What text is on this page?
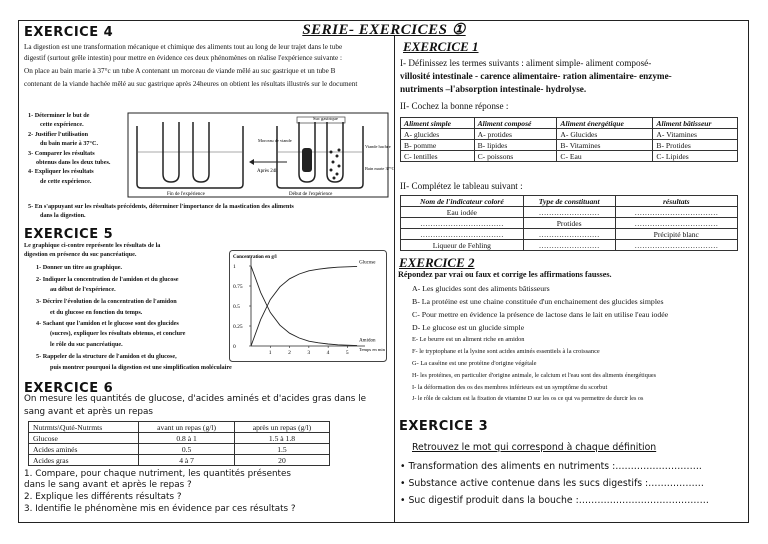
SERIE- EXERCICES ①
EXERCICE 4
La digestion est une transformation mécanique et chimique des aliments tout au long de leur trajet dans le tube
digestif (surtout grêle intestin) pour mettre en évidence ces deux phénomènes on réalise l'expérience suivante :
On place au bain marie à 37°c un tube A contenant un morceau de viande mêlé au suc gastrique et un tube B
contenant de la viande hachée mêlé au suc gastrique après 24heures on obtient les résultats illustrés sur le document
1- Déterminer le but de
cette expérience.
2- Justifier l'utilisation
du bain marie à 37°C.
3- Comparer les résultats
obtenus dans les deux tubes.
4- Expliquer les résultats
de cette expérience.
Fin de l'expérience
Après 24h
Suc gastrique
Morceau de viande
Viande hachée
Bain marie 37°C
Début de l'expérience
5- En s'appuyant sur les résultats précédents, déterminer l'importance de la mastication des aliments
dans la digestion.
EXERCICE 5
Le graphique ci-contre représente les résultats de la
digestion en présence du suc pancréatique.
1- Donner un titre au graphique.
2- Indiquer la concentration de l'amidon et du glucose
au début de l'expérience.
3- Décrire l'évolution de la concentration de l'amidon
et du glucose en fonction du temps.
4- Sachant que l'amidon et le glucose sont des glucides
(sucres), expliquer les résultats obtenus, et conclure
le rôle du suc pancréatique.
5- Rappeler de la structure de l'amidon et du glucose,
puis montrer pourquoi la digestion est une simplification moléculaire
Concentration en g/l
Temps en min
1	2	3	4	5
0
0.25
0.5
0.75
1
Glucose
Amidon
EXERCICE 6
On mesure les quantités de glucose, d'acides aminés et d'acides gras dans le
sang avant et après un repas
Nutrmts\Quté-Nutrmts	avant un repas (g/l)	après un repas (g/l)
Glucose	0.8 à 1	1.5 à 1.8
Acides aminés	0.5	1.5
Acides gras	4 à 7	20
1. Compare, pour chaque nutriment, les quantités présentes
dans le sang avant et après le repas ?
2. Explique les différents résultats ?
3. Identifie le phénomène mis en évidence par ces résultats ?
EXERCICE 1
I- Définissez les termes suivants : aliment simple- aliment composé-
villosité intestinale - carence alimentaire- ration alimentaire- enzyme-
nutriments –l'absorption intestinale- hydrolyse.
II- Cochez la bonne réponse :
Aliment simple	Aliment composé	Aliment énergétique	Aliment bâtisseur
A- glucides	A- protides	A- Glucides	A- Vitamines
B- pomme	B- lipides	B- Vitamines	B- Protides
C- lentilles	C- poissons	C- Eau	C- Lipides
II- Complétez le tableau suivant :
Nom de l'indicateur coloré	Type de constituant	résultats
Eau iodée	……………………	……………………………
……………………………	Protides	……………………………
……………………………	……………………	Précipité blanc
Liqueur de Fehling	……………………	……………………………
EXERCICE 2
Répondez par vrai ou faux et corrige les affirmations fausses.
A- Les glucides sont des aliments bâtisseurs
B- La protéine est une chaine constituée d'un enchainement des glucides simples
C- Pour mettre en évidence la présence de lactose dans le lait en utilise l'eau iodée
D- Le glucose est un glucide simple
E- Le beurre est un aliment riche en amidon
F- le tryptophane et la lysine sont acides aminés essentiels à la croissance
G- La caséine est une protéine d'origine végétale
H- les protéines, en particulier d'origine animale, le calcium et l'eau sont des aliments énergétiques
I- la déformation des os des membres inférieurs est un symptôme du scorbut
J- le rôle de calcium est la fixation de vitamine D sur les os ce qui va permettre de durcir les os
EXERCICE 3
Retrouvez le mot qui correspond à chaque définition
• Transformation des aliments en nutriments :……………………….
• Substance active contenue dans les sucs digestifs :………………
• Suc digestif produit dans la bouche :……………………………………
